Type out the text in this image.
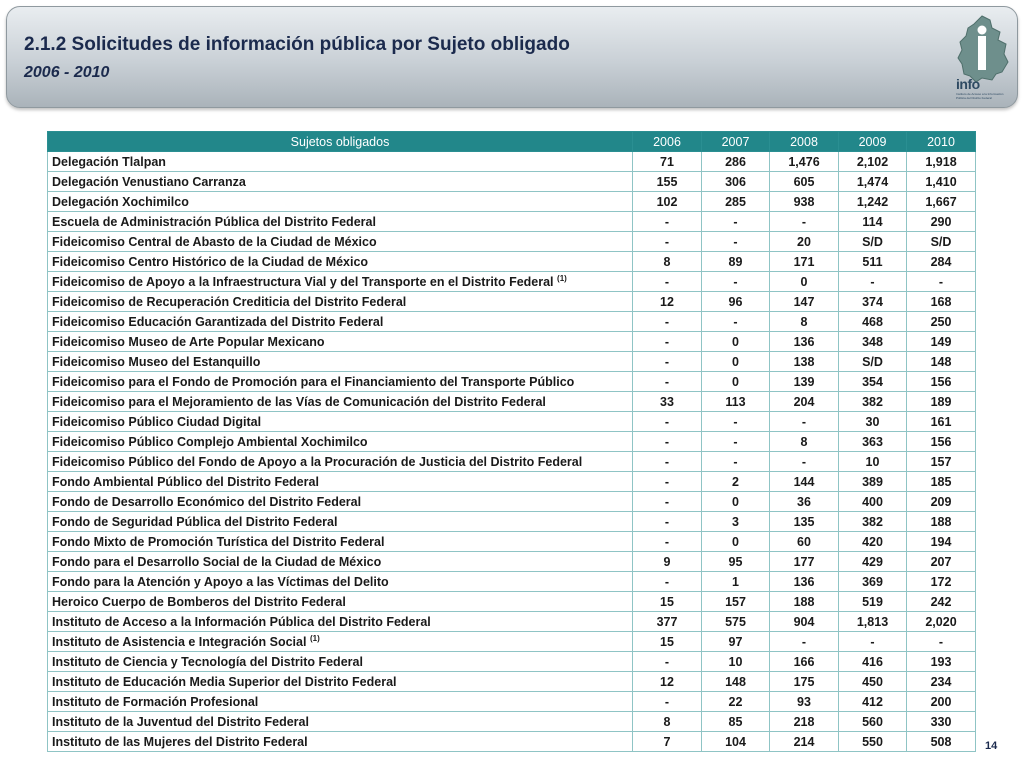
2.1.2 Solicitudes de información pública por Sujeto obligado
2006 - 2010
info
Instituto de Acceso a la Información Pública del Distrito Federal
Sujetos obligados	2006	2007	2008	2009	2010
Delegación Tlalpan	71	286	1,476	2,102	1,918
Delegación Venustiano Carranza	155	306	605	1,474	1,410
Delegación Xochimilco	102	285	938	1,242	1,667
Escuela de Administración Pública del Distrito Federal	-	-	-	114	290
Fideicomiso Central de Abasto de la Ciudad de México	-	-	20	S/D	S/D
Fideicomiso Centro Histórico de la Ciudad de México	8	89	171	511	284
Fideicomiso de Apoyo a la Infraestructura Vial y del Transporte en el Distrito Federal $^{(1)}$	-	-	0	-	-
Fideicomiso de Recuperación Crediticia del Distrito Federal	12	96	147	374	168
Fideicomiso Educación Garantizada del Distrito Federal	-	-	8	468	250
Fideicomiso Museo de Arte Popular Mexicano	-	0	136	348	149
Fideicomiso Museo del Estanquillo	-	0	138	S/D	148
Fideicomiso para el Fondo de Promoción para el Financiamiento del Transporte Público	-	0	139	354	156
Fideicomiso para el Mejoramiento de las Vías de Comunicación del Distrito Federal	33	113	204	382	189
Fideicomiso Público Ciudad Digital	-	-	-	30	161
Fideicomiso Público Complejo Ambiental Xochimilco	-	-	8	363	156
Fideicomiso Público del Fondo de Apoyo a la Procuración de Justicia del Distrito Federal	-	-	-	10	157
Fondo Ambiental Público del Distrito Federal	-	2	144	389	185
Fondo de Desarrollo Económico del Distrito Federal	-	0	36	400	209
Fondo de Seguridad Pública del Distrito Federal	-	3	135	382	188
Fondo Mixto de Promoción Turística del Distrito Federal	-	0	60	420	194
Fondo para el Desarrollo Social de la Ciudad de México	9	95	177	429	207
Fondo para la Atención y Apoyo a las Víctimas del Delito	-	1	136	369	172
Heroico Cuerpo de Bomberos del Distrito Federal	15	157	188	519	242
Instituto de Acceso a la Información Pública del Distrito Federal	377	575	904	1,813	2,020
Instituto de Asistencia e Integración Social $^{(1)}$	15	97	-	-	-
Instituto de Ciencia y Tecnología del Distrito Federal	-	10	166	416	193
Instituto de Educación Media Superior del Distrito Federal	12	148	175	450	234
Instituto de Formación Profesional	-	22	93	412	200
Instituto de la Juventud del Distrito Federal	8	85	218	560	330
Instituto de las Mujeres del Distrito Federal	7	104	214	550	508	14
